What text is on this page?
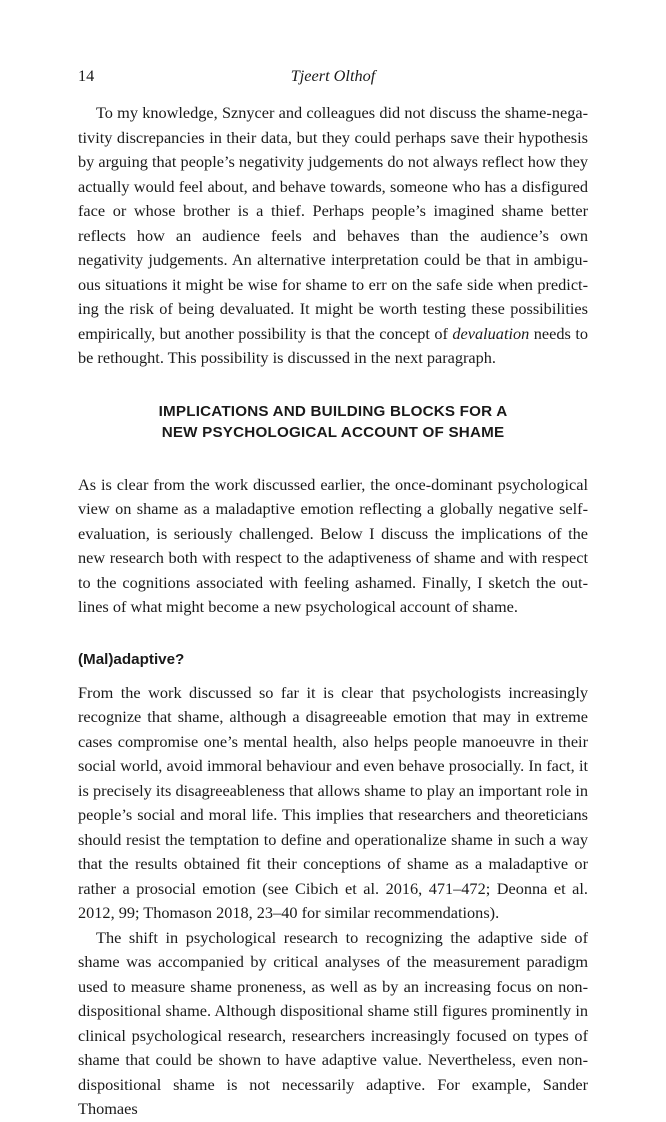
14	Tjeert Olthof

To my knowledge, Sznycer and colleagues did not discuss the shame-negativity discrepancies in their data, but they could perhaps save their hypothesis by arguing that people’s negativity judgements do not always reflect how they actually would feel about, and behave towards, someone who has a disfigured face or whose brother is a thief. Perhaps people’s imagined shame better reflects how an audience feels and behaves than the audience’s own negativity judgements. An alternative interpretation could be that in ambiguous situations it might be wise for shame to err on the safe side when predicting the risk of being devaluated. It might be worth testing these possibilities empirically, but another possibility is that the concept of devaluation needs to be rethought. This possibility is discussed in the next paragraph.

IMPLICATIONS AND BUILDING BLOCKS FOR A
NEW PSYCHOLOGICAL ACCOUNT OF SHAME

As is clear from the work discussed earlier, the once-dominant psychological view on shame as a maladaptive emotion reflecting a globally negative self-evaluation, is seriously challenged. Below I discuss the implications of the new research both with respect to the adaptiveness of shame and with respect to the cognitions associated with feeling ashamed. Finally, I sketch the outlines of what might become a new psychological account of shame.

(Mal)adaptive?

From the work discussed so far it is clear that psychologists increasingly recognize that shame, although a disagreeable emotion that may in extreme cases compromise one’s mental health, also helps people manoeuvre in their social world, avoid immoral behaviour and even behave prosocially. In fact, it is precisely its disagreeableness that allows shame to play an important role in people’s social and moral life. This implies that researchers and theoreticians should resist the temptation to define and operationalize shame in such a way that the results obtained fit their conceptions of shame as a maladaptive or rather a prosocial emotion (see Cibich et al. 2016, 471–472; Deonna et al. 2012, 99; Thomason 2018, 23–40 for similar recommendations).

The shift in psychological research to recognizing the adaptive side of shame was accompanied by critical analyses of the measurement paradigm used to measure shame proneness, as well as by an increasing focus on non-dispositional shame. Although dispositional shame still figures prominently in clinical psychological research, researchers increasingly focused on types of shame that could be shown to have adaptive value. Nevertheless, even non-dispositional shame is not necessarily adaptive. For example, Sander Thomaes
